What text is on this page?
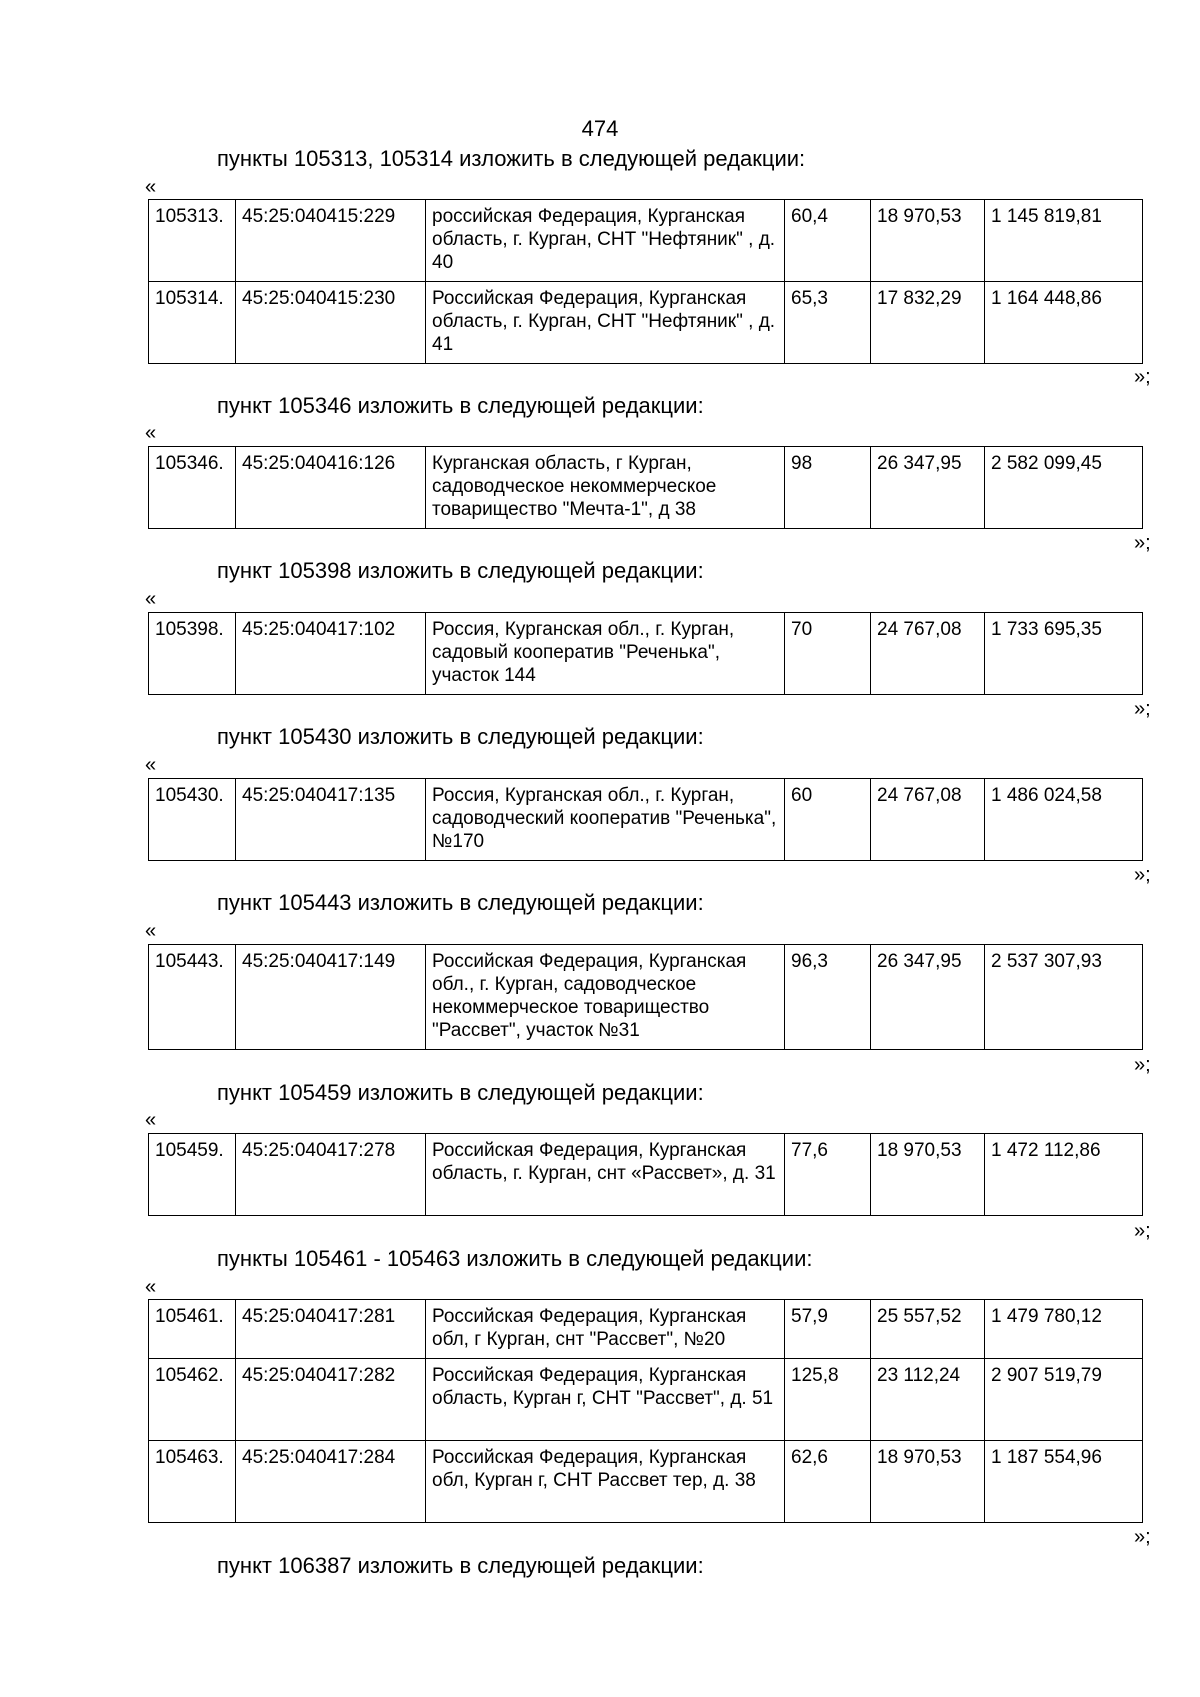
474
пункты 105313, 105314 изложить в следующей редакции:
«
105313.	45:25:040415:229	российская Федерация, Курганская область, г. Курган, СНТ "Нефтяник" , д. 40	60,4	18 970,53	1 145 819,81
105314.	45:25:040415:230	Российская Федерация, Курганская область, г. Курган, СНТ "Нефтяник" , д. 41	65,3	17 832,29	1 164 448,86
»;
пункт 105346 изложить в следующей редакции:
«
105346.	45:25:040416:126	Курганская область, г Курган, садоводческое некоммерческое товарищество "Мечта-1", д 38	98	26 347,95	2 582 099,45
»;
пункт 105398 изложить в следующей редакции:
«
105398.	45:25:040417:102	Россия, Курганская обл., г. Курган, садовый кооператив "Реченька", участок 144	70	24 767,08	1 733 695,35
»;
пункт 105430 изложить в следующей редакции:
«
105430.	45:25:040417:135	Россия, Курганская обл., г. Курган, садоводческий кооператив "Реченька", №170	60	24 767,08	1 486 024,58
»;
пункт 105443 изложить в следующей редакции:
«
105443.	45:25:040417:149	Российская Федерация, Курганская обл., г. Курган, садоводческое некоммерческое товарищество "Рассвет", участок №31	96,3	26 347,95	2 537 307,93
»;
пункт 105459 изложить в следующей редакции:
«
105459.	45:25:040417:278	Российская Федерация, Курганская область, г. Курган, снт «Рассвет», д. 31	77,6	18 970,53	1 472 112,86
»;
пункты 105461 - 105463 изложить в следующей редакции:
«
105461.	45:25:040417:281	Российская Федерация, Курганская обл, г Курган, снт "Рассвет", №20	57,9	25 557,52	1 479 780,12
105462.	45:25:040417:282	Российская Федерация, Курганская область, Курган г, СНТ "Рассвет", д. 51	125,8	23 112,24	2 907 519,79
105463.	45:25:040417:284	Российская Федерация, Курганская обл, Курган г, СНТ Рассвет тер, д. 38	62,6	18 970,53	1 187 554,96
»;
пункт 106387 изложить в следующей редакции:
